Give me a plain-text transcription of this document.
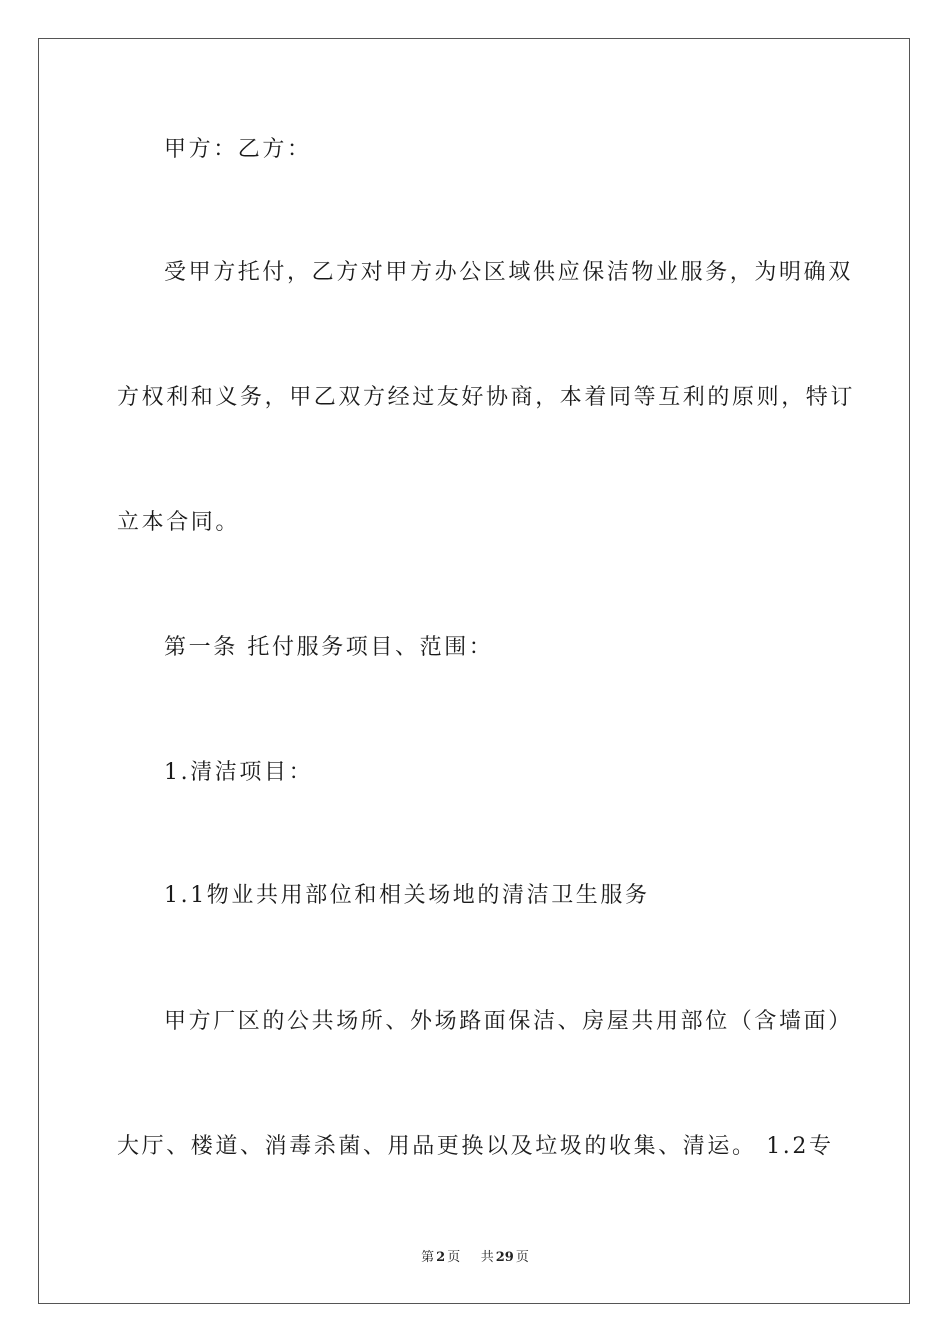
甲方：乙方：
受甲方托付，乙方对甲方办公区域供应保洁物业服务，为明确双
方权利和义务，甲乙双方经过友好协商，本着同等互利的原则，特订
立本合同。
第一条 托付服务项目、范围：
1.清洁项目：
1.1物业共用部位和相关场地的清洁卫生服务
甲方厂区的公共场所、外场路面保洁、房屋共用部位（含墙面）
大厅、楼道、消毒杀菌、用品更换以及垃圾的收集、清运。 1.2专
第 2 页 共 29 页
